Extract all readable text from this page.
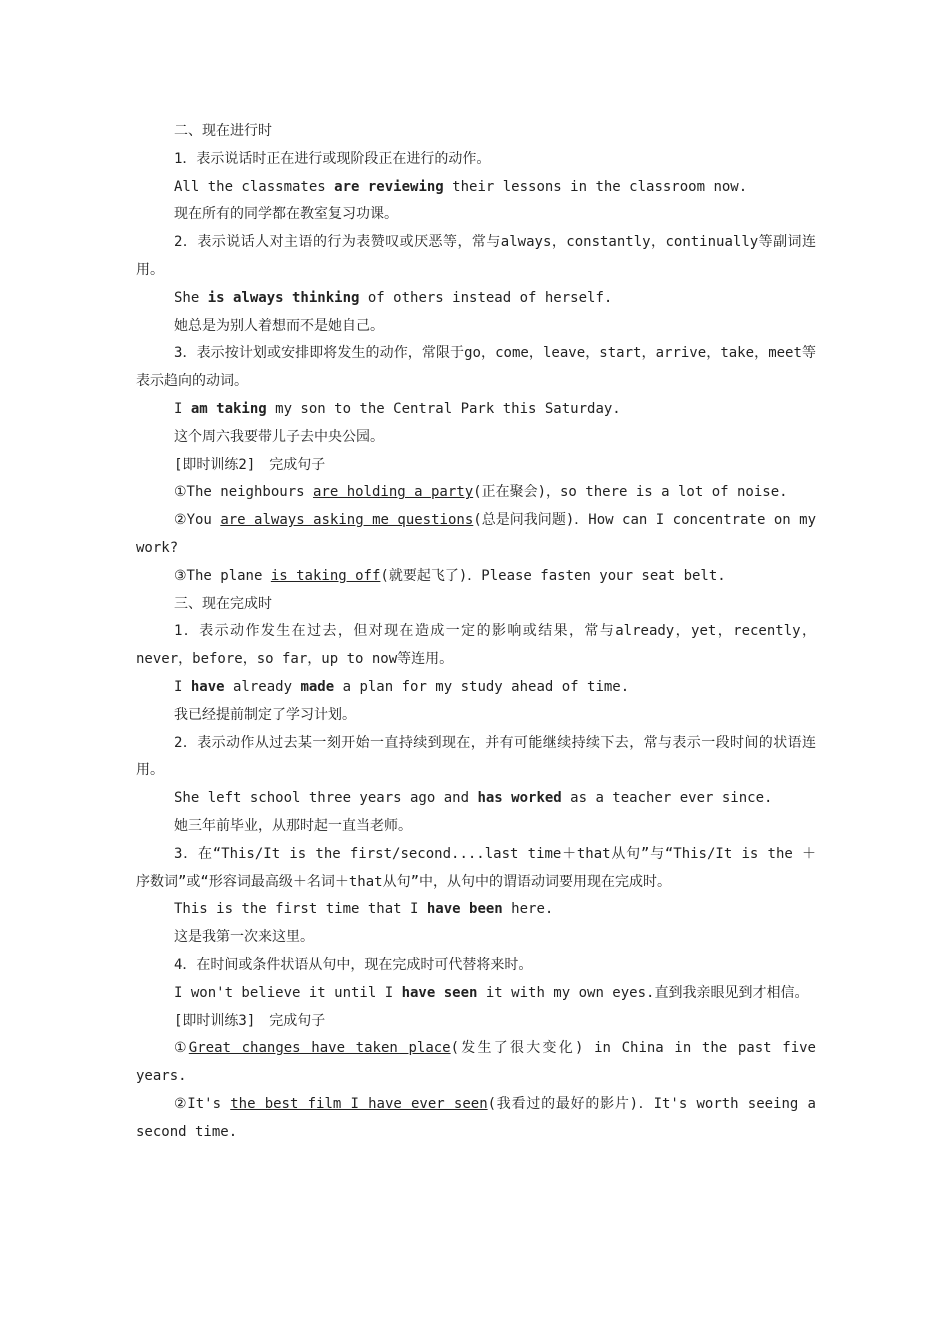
二、现在进行时

1．表示说话时正在进行或现阶段正在进行的动作。

All the classmates are reviewing their lessons in the classroom now.

现在所有的同学都在教室复习功课。

2．表示说话人对主语的行为表赞叹或厌恶等，常与always，constantly，continually等副词连用。

She is always thinking of others instead of herself.

她总是为别人着想而不是她自己。

3．表示按计划或安排即将发生的动作，常限于go，come，leave，start，arrive，take，meet等表示趋向的动词。

I am taking my son to the Central Park this Saturday.

这个周六我要带儿子去中央公园。

[即时训练2]　完成句子

①The neighbours are holding a party(正在聚会)，so there is a lot of noise.

②You are always asking me questions(总是问我问题)．How can I concentrate on my work?

③The plane is taking off(就要起飞了)．Please fasten your seat belt.

三、现在完成时

1．表示动作发生在过去，但对现在造成一定的影响或结果，常与already，yet，recently，never，before，so far，up to now等连用。

I have already made a plan for my study ahead of time.

我已经提前制定了学习计划。

2．表示动作从过去某一刻开始一直持续到现在，并有可能继续持续下去，常与表示一段时间的状语连用。

She left school three years ago and has worked as a teacher ever since.

她三年前毕业，从那时起一直当老师。

3．在“This/It is the first/second....last time＋that从句”与“This/It is the ＋序数词”或“形容词最高级＋名词＋that从句”中，从句中的谓语动词要用现在完成时。

This is the first time that I have been here.

这是我第一次来这里。

4．在时间或条件状语从句中，现在完成时可代替将来时。

I won't believe it until I have seen it with my own eyes.直到我亲眼见到才相信。

[即时训练3]　完成句子

①Great changes have taken place(发生了很大变化) in China in the past five years.

②It's the best film I have ever seen(我看过的最好的影片)．It's worth seeing a second time.
